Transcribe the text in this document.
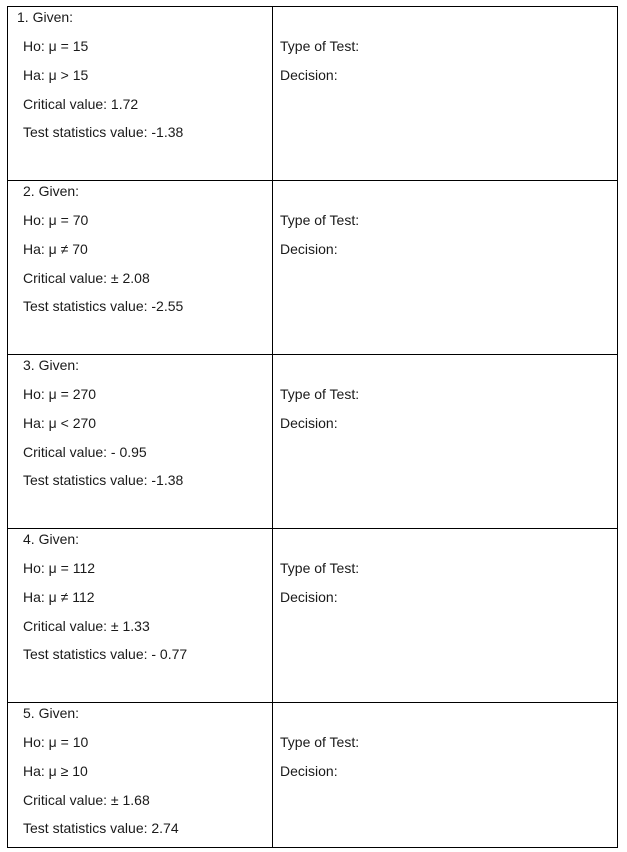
1. Given:
Ho: μ = 15
Ha: μ > 15
Critical value: 1.72
Test statistics value: -1.38
Type of Test:
Decision:
2. Given:
Ho: μ = 70
Ha: μ ≠ 70
Critical value: ± 2.08
Test statistics value: -2.55
Type of Test:
Decision:
3. Given:
Ho: μ = 270
Ha: μ < 270
Critical value: - 0.95
Test statistics value: -1.38
Type of Test:
Decision:
4. Given:
Ho: μ = 112
Ha: μ ≠ 112
Critical value: ± 1.33
Test statistics value: - 0.77
Type of Test:
Decision:
5. Given:
Ho: μ = 10
Ha: μ ≥ 10
Critical value: ± 1.68
Test statistics value: 2.74
Type of Test:
Decision:
